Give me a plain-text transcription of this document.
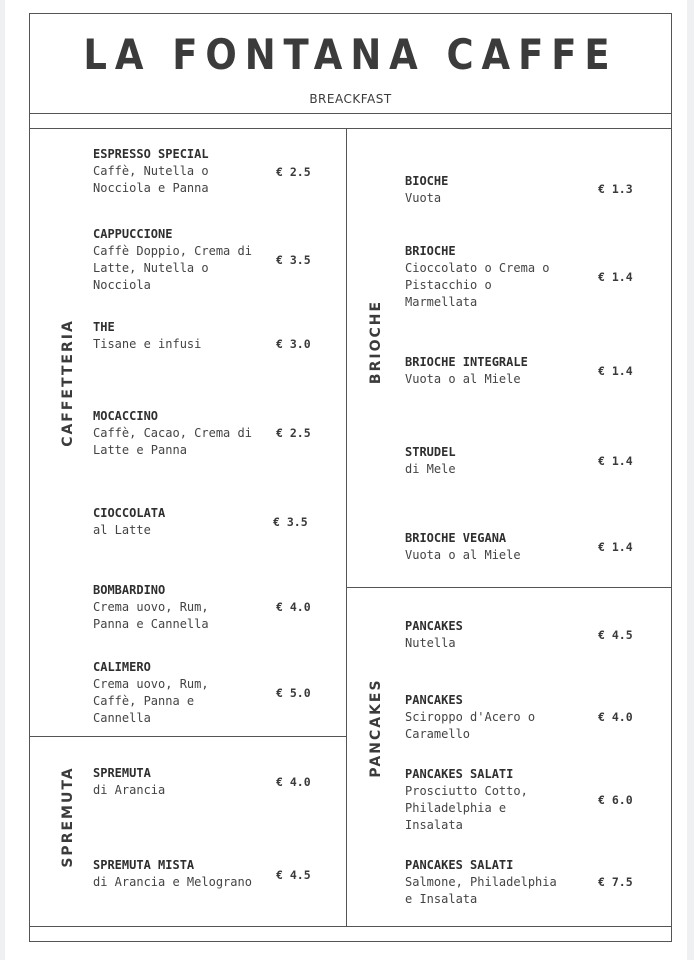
LA FONTANA CAFFE
BREACKFAST
CAFFETTERIA
SPREMUTA
BRIOCHE
PANCAKES
ESPRESSO SPECIAL
Caffè, Nutella o
Nocciola e Panna
€ 2.5
CAPPUCCIONE
Caffè Doppio, Crema di
Latte, Nutella o
Nocciola
€ 3.5
THE
Tisane e infusi	€ 3.0
MOCACCINO
Caffè, Cacao, Crema di
Latte e Panna
€ 2.5
CIOCCOLATA
al Latte
€ 3.5
BOMBARDINO
Crema uovo, Rum,
Panna e Cannella
€ 4.0
CALIMERO
Crema uovo, Rum,
Caffè, Panna e
Cannella
€ 5.0
SPREMUTA
di Arancia
€ 4.0
SPREMUTA MISTA
di Arancia e Melograno € 4.5
BIOCHE
Vuota
€ 1.3
BRIOCHE
Cioccolato o Crema o
Pistacchio o
Marmellata
€ 1.4
BRIOCHE INTEGRALE
Vuota o al Miele
€ 1.4
STRUDEL
di Mele
€ 1.4
BRIOCHE VEGANA
Vuota o al Miele
€ 1.4
PANCAKES
Nutella
€ 4.5
PANCAKES
Sciroppo d'Acero o
Caramello
€ 4.0
PANCAKES SALATI
Prosciutto Cotto,
Philadelphia e
Insalata
€ 6.0
PANCAKES SALATI
Salmone, Philadelphia
e Insalata
€ 7.5
